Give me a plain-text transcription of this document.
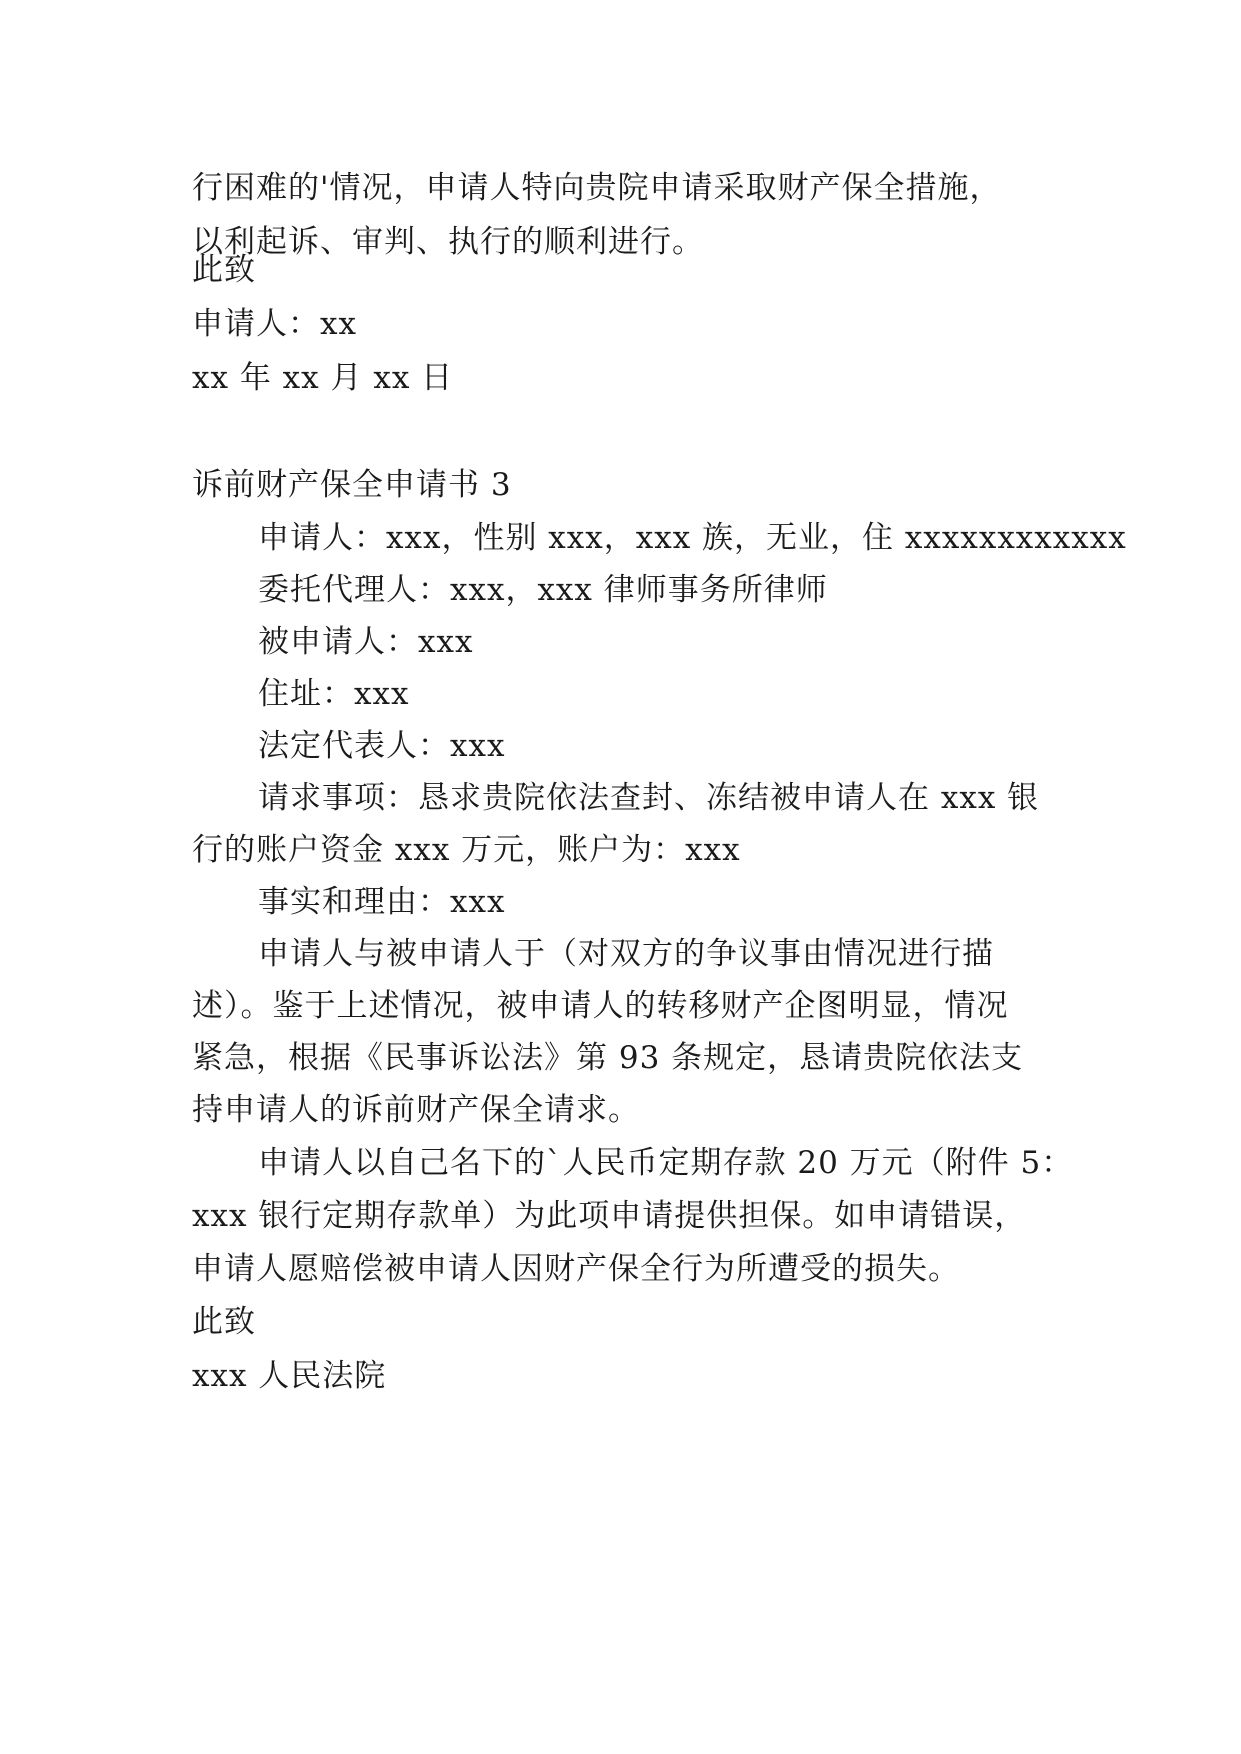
行困难的'情况，申请人特向贵院申请采取财产保全措施，
以利起诉、审判、执行的顺利进行。
此致
申请人：xx
xx 年 xx 月 xx 日
诉前财产保全申请书 3
申请人：xxx，性别 xxx，xxx 族，无业，住 xxxxxxxxxxxx
委托代理人：xxx，xxx 律师事务所律师
被申请人：xxx
住址：xxx
法定代表人：xxx
请求事项：恳求贵院依法查封、冻结被申请人在 xxx 银
行的账户资金 xxx 万元，账户为：xxx
事实和理由：xxx
申请人与被申请人于（对双方的争议事由情况进行描
述）。鉴于上述情况，被申请人的转移财产企图明显，情况
紧急，根据《民事诉讼法》第 93 条规定，恳请贵院依法支
持申请人的诉前财产保全请求。
申请人以自己名下的`人民币定期存款 20 万元（附件 5：
xxx 银行定期存款单）为此项申请提供担保。如申请错误，
申请人愿赔偿被申请人因财产保全行为所遭受的损失。
此致
xxx 人民法院
